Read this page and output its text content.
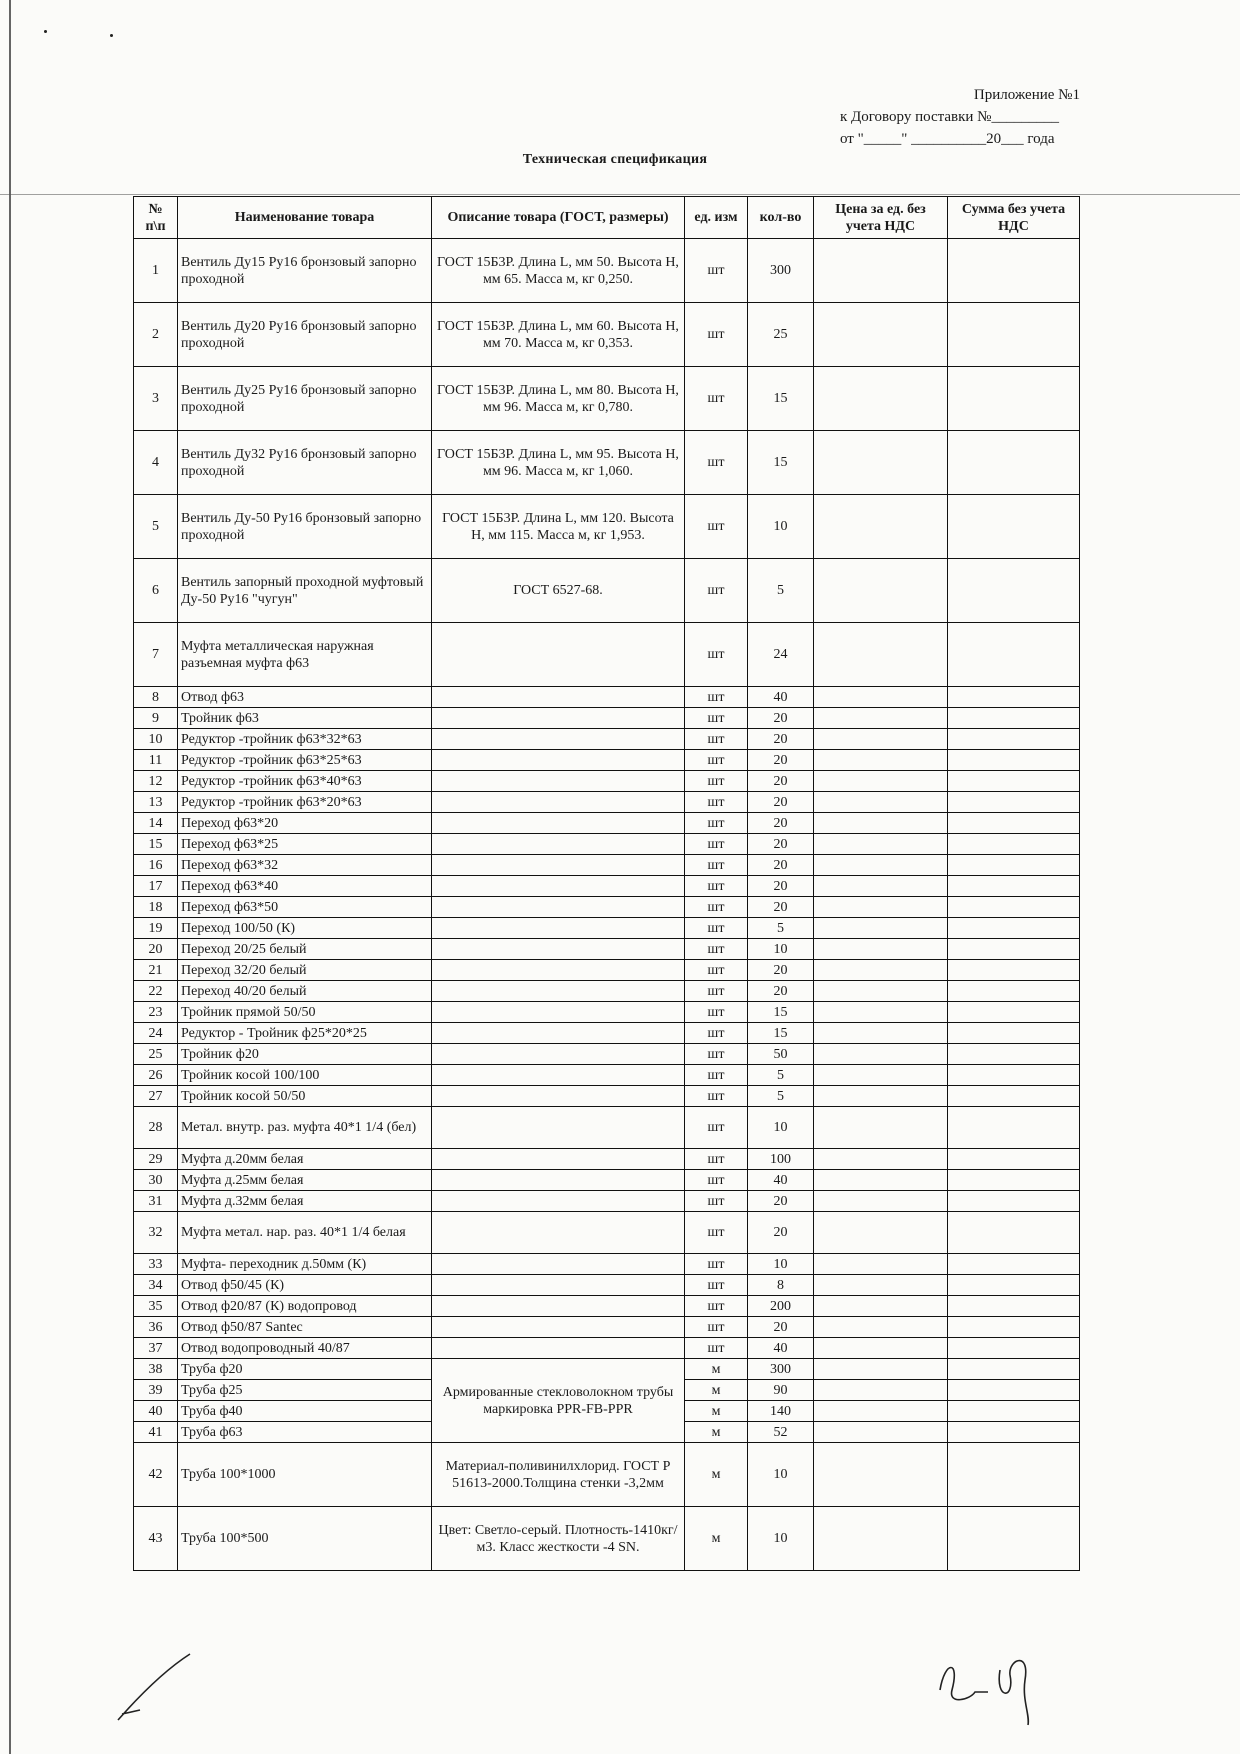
Приложение №1
к Договору поставки №_________
от "_____" __________20___ года
Техническая спецификация
№ п\п	Наименование товара	Описание товара (ГОСТ, размеры)	ед. изм	кол-во	Цена за ед. без учета НДС	Сумма без учета НДС
1	Вентиль Ду15 Ру16 бронзовый запорно проходной	ГОСТ 15Б3Р. Длина L, мм 50. Высота Н, мм 65. Масса м, кг 0,250.	шт	300		
2	Вентиль Ду20 Ру16 бронзовый запорно проходной	ГОСТ 15Б3Р. Длина L, мм 60. Высота Н, мм 70. Масса м, кг 0,353.	шт	25		
3	Вентиль Ду25 Ру16 бронзовый запорно проходной	ГОСТ 15Б3Р. Длина L, мм 80. Высота Н, мм 96. Масса м, кг 0,780.	шт	15		
4	Вентиль Ду32 Ру16 бронзовый запорно проходной	ГОСТ 15Б3Р. Длина L, мм 95. Высота Н, мм 96. Масса м, кг 1,060.	шт	15		
5	Вентиль Ду-50 Ру16 бронзовый запорно проходной	ГОСТ 15Б3Р. Длина L, мм 120. Высота Н, мм 115. Масса м, кг 1,953.	шт	10		
6	Вентиль запорный проходной муфтовый Ду-50 Ру16 "чугун"	ГОСТ 6527-68.	шт	5		
7	Муфта металлическая наружная разъемная муфта ф63		шт	24		
8	Отвод ф63		шт	40		
9	Тройник ф63		шт	20		
10	Редуктор -тройник ф63*32*63		шт	20		
11	Редуктор -тройник ф63*25*63		шт	20		
12	Редуктор -тройник ф63*40*63		шт	20		
13	Редуктор -тройник ф63*20*63		шт	20		
14	Переход ф63*20		шт	20		
15	Переход ф63*25		шт	20		
16	Переход ф63*32		шт	20		
17	Переход ф63*40		шт	20		
18	Переход ф63*50		шт	20		
19	Переход 100/50 (К)		шт	5		
20	Переход 20/25 белый		шт	10		
21	Переход 32/20 белый		шт	20		
22	Переход 40/20 белый		шт	20		
23	Тройник прямой 50/50		шт	15		
24	Редуктор - Тройник ф25*20*25		шт	15		
25	Тройник ф20		шт	50		
26	Тройник косой 100/100		шт	5		
27	Тройник косой 50/50		шт	5		
28	Метал. внутр. раз. муфта 40*1 1/4 (бел)		шт	10		
29	Муфта д.20мм белая		шт	100		
30	Муфта д.25мм белая		шт	40		
31	Муфта д.32мм белая		шт	20		
32	Муфта метал. нар. раз. 40*1 1/4 белая		шт	20		
33	Муфта- переходник д.50мм (К)		шт	10		
34	Отвод ф50/45 (К)		шт	8		
35	Отвод ф20/87 (К) водопровод		шт	200		
36	Отвод ф50/87 Santec		шт	20		
37	Отвод водопроводный 40/87		шт	40		
38	Труба ф20	Армированные стекловолокном трубы маркировка PPR-FB-PPR	м	300		
39	Труба ф25		м	90		
40	Труба ф40		м	140		
41	Труба ф63		м	52		
42	Труба 100*1000	Материал-поливинилхлорид. ГОСТ Р 51613-2000.Толщина стенки -3,2мм	м	10		
43	Труба 100*500	Цвет: Светло-серый. Плотность-1410кг/м3. Класс жесткости -4 SN.	м	10		
